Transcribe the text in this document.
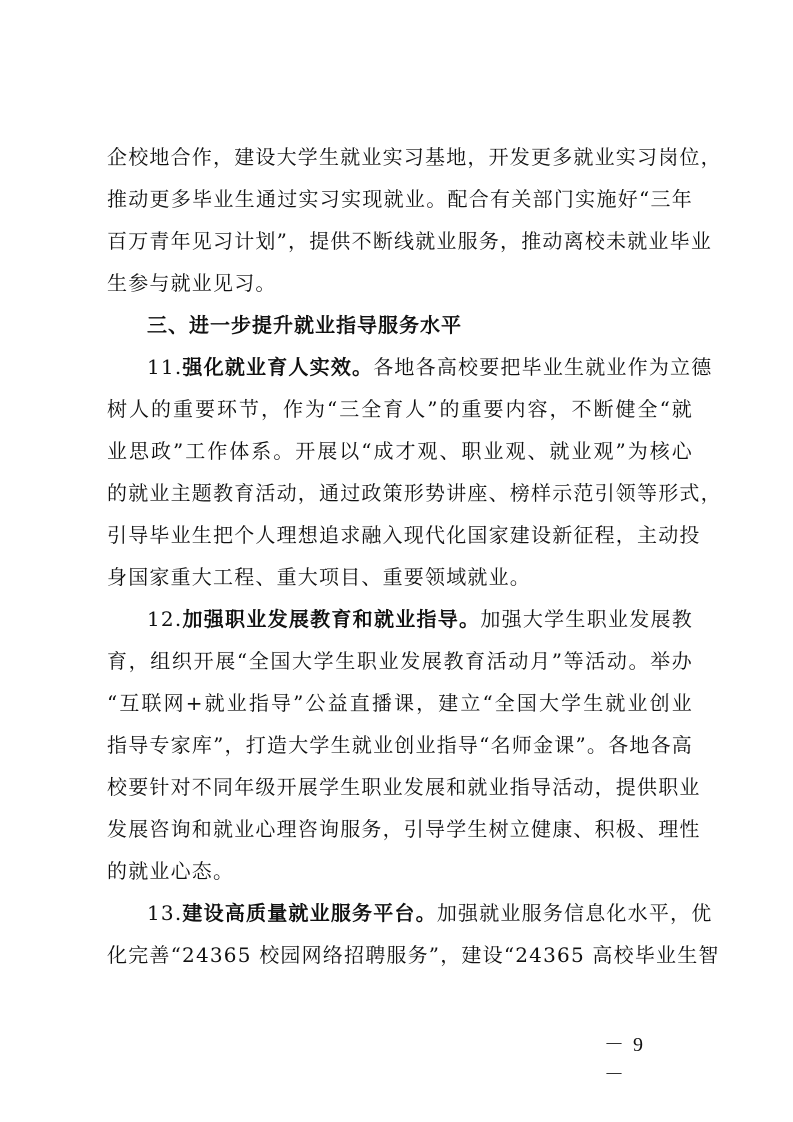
企校地合作，建设大学生就业实习基地，开发更多就业实习岗位，
推动更多毕业生通过实习实现就业。配合有关部门实施好“三年
百万青年见习计划”，提供不断线就业服务，推动离校未就业毕业
生参与就业见习。
三、进一步提升就业指导服务水平
11.强化就业育人实效。各地各高校要把毕业生就业作为立德
树人的重要环节，作为“三全育人”的重要内容，不断健全“就
业思政”工作体系。开展以“成才观、职业观、就业观”为核心
的就业主题教育活动，通过政策形势讲座、榜样示范引领等形式，
引导毕业生把个人理想追求融入现代化国家建设新征程，主动投
身国家重大工程、重大项目、重要领域就业。
12.加强职业发展教育和就业指导。加强大学生职业发展教
育，组织开展“全国大学生职业发展教育活动月”等活动。举办
“互联网+就业指导”公益直播课，建立“全国大学生就业创业
指导专家库”，打造大学生就业创业指导“名师金课”。各地各高
校要针对不同年级开展学生职业发展和就业指导活动，提供职业
发展咨询和就业心理咨询服务，引导学生树立健康、积极、理性
的就业心态。
13.建设高质量就业服务平台。加强就业服务信息化水平，优
化完善“24365 校园网络招聘服务”，建设“24365 高校毕业生智
－ 9 －
